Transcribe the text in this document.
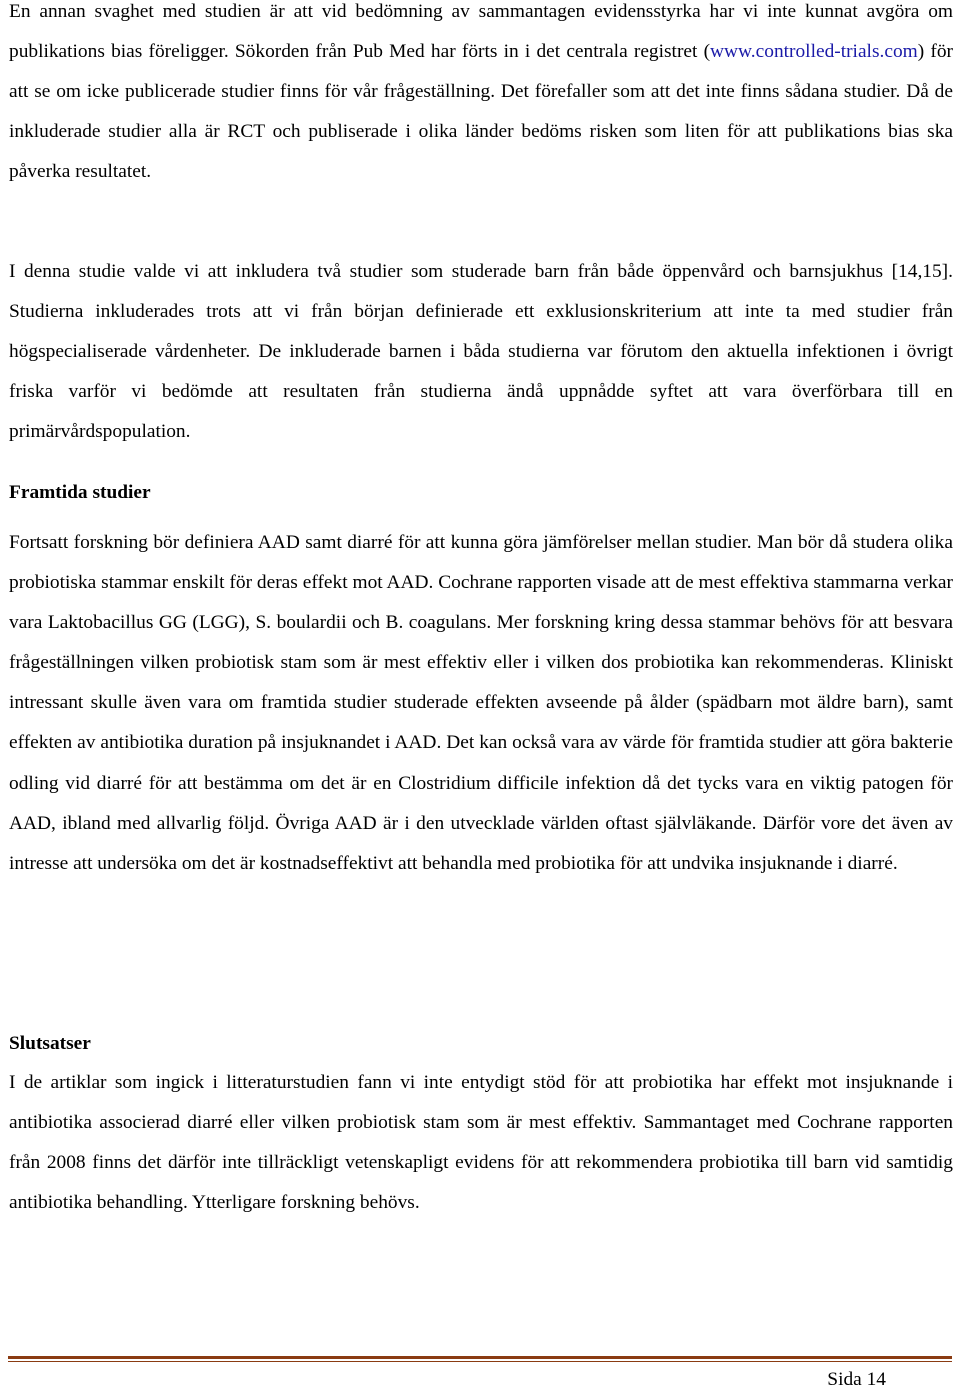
En annan svaghet med studien är att vid bedömning av sammantagen evidensstyrka har vi inte kunnat avgöra om publikations bias föreligger. Sökorden från Pub Med har förts in i det centrala registret (www.controlled-trials.com) för att se om icke publicerade studier finns för vår frågeställning. Det förefaller som att det inte finns sådana studier. Då de inkluderade studier alla är RCT och publiserade i olika länder bedöms risken som liten för att publikations bias ska påverka resultatet.

I denna studie valde vi att inkludera två studier som studerade barn från både öppenvård och barnsjukhus [14,15]. Studierna inkluderades trots att vi från början definierade ett exklusionskriterium att inte ta med studier från högspecialiserade vårdenheter. De inkluderade barnen i båda studierna var förutom den aktuella infektionen i övrigt friska varför vi bedömde att resultaten från studierna ändå uppnådde syftet att vara överförbara till en primärvårdspopulation.

Framtida studier

Fortsatt forskning bör definiera AAD samt diarré för att kunna göra jämförelser mellan studier. Man bör då studera olika probiotiska stammar enskilt för deras effekt mot AAD. Cochrane rapporten visade att de mest effektiva stammarna verkar vara Laktobacillus GG (LGG), S. boulardii och B. coagulans. Mer forskning kring dessa stammar behövs för att besvara frågeställningen vilken probiotisk stam som är mest effektiv eller i vilken dos probiotika kan rekommenderas. Kliniskt intressant skulle även vara om framtida studier studerade effekten avseende på ålder (spädbarn mot äldre barn), samt effekten av antibiotika duration på insjuknandet i AAD. Det kan också vara av värde för framtida studier att göra bakterie odling vid diarré för att bestämma om det är en Clostridium difficile infektion då det tycks vara en viktig patogen för AAD, ibland med allvarlig följd. Övriga AAD är i den utvecklade världen oftast självläkande. Därför vore det även av intresse att undersöka om det är kostnadseffektivt att behandla med probiotika för att undvika insjuknande i diarré.

Slutsatser

I de artiklar som ingick i litteraturstudien fann vi inte entydigt stöd för att probiotika har effekt mot insjuknande i antibiotika associerad diarré eller vilken probiotisk stam som är mest effektiv. Sammantaget med Cochrane rapporten från 2008 finns det därför inte tillräckligt vetenskapligt evidens för att rekommendera probiotika till barn vid samtidig antibiotika behandling. Ytterligare forskning behövs.

Sida 14
